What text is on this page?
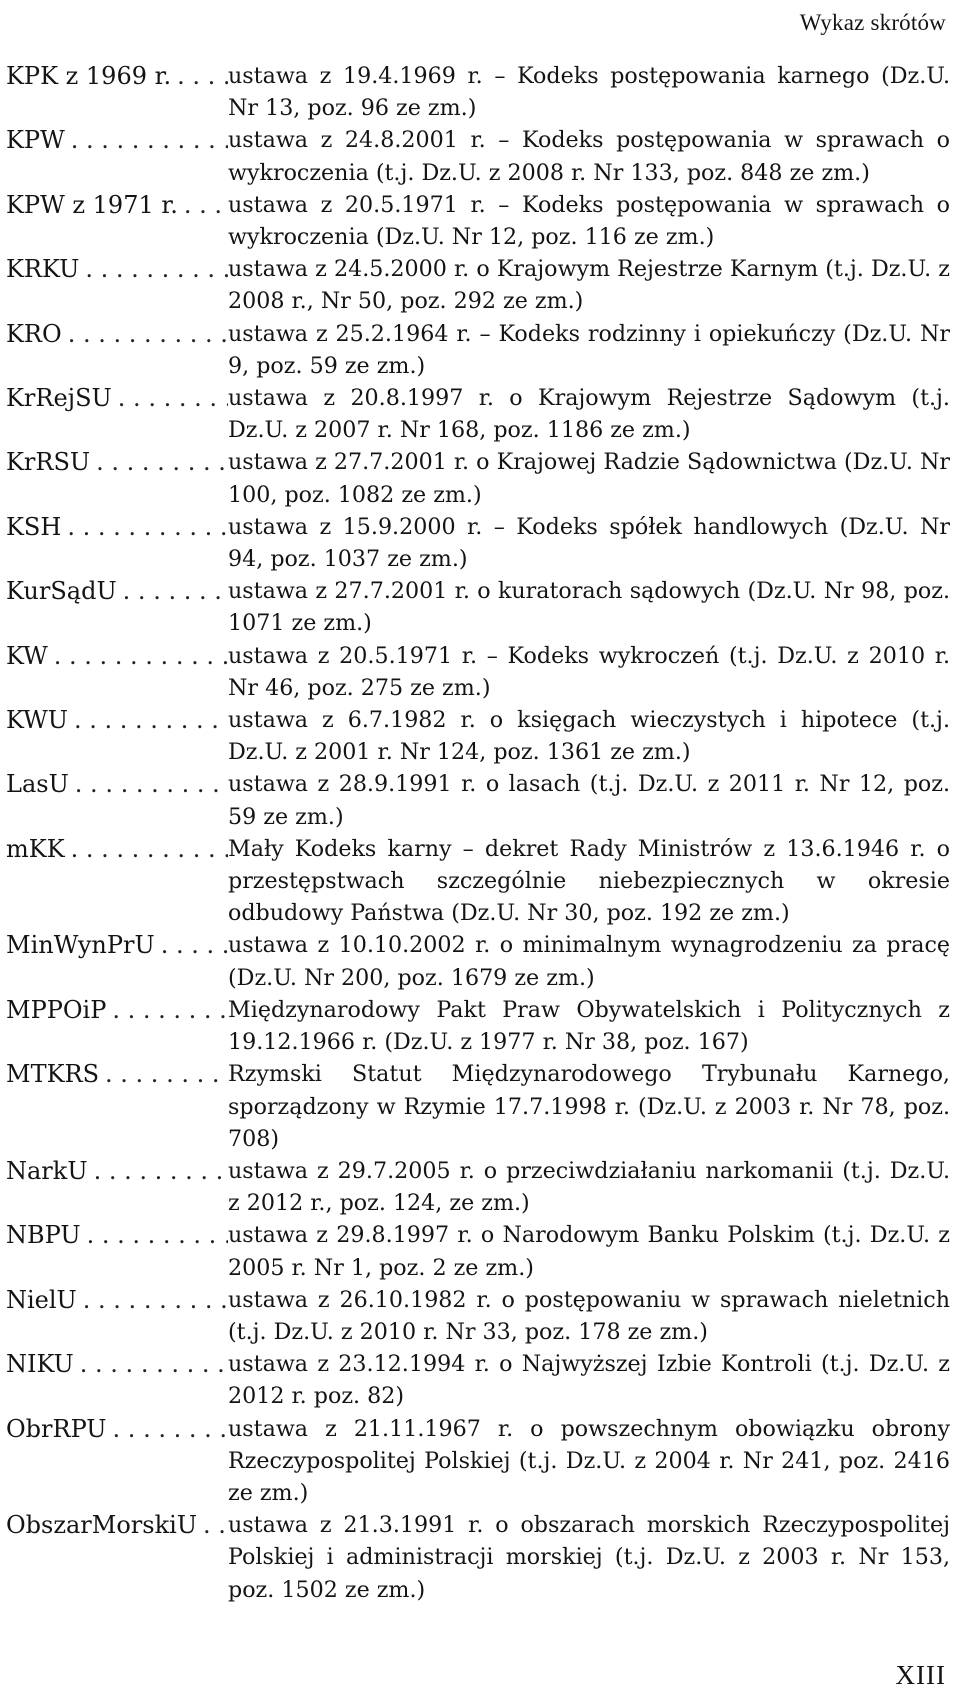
Wykaz skrótów
KPK z 1969 r. . . .	ustawa z 19.4.1969 r. – Kodeks postępowania karnego (Dz.U. Nr 13, poz. 96 ze zm.)
KPW . . .	ustawa z 24.8.2001 r. – Kodeks postępowania w sprawach o wykroczenia (t.j. Dz.U. z 2008 r. Nr 133, poz. 848 ze zm.)
KPW z 1971 r. . . . ustawa z 20.5.1971 r. – Kodeks postępowania w sprawach o wykroczenia (Dz.U. Nr 12, poz. 116 ze zm.)
KRKU . . .	ustawa z 24.5.2000 r. o Krajowym Rejestrze Karnym (t.j. Dz.U. z 2008 r., Nr 50, poz. 292 ze zm.)
KRO . . .	ustawa z 25.2.1964 r. – Kodeks rodzinny i opiekuńczy (Dz.U. Nr 9, poz. 59 ze zm.)
KrRejSU . . .	ustawa z 20.8.1997 r. o Krajowym Rejestrze Sądowym (t.j. Dz.U. z 2007 r. Nr 168, poz. 1186 ze zm.)
KrRSU . . .	ustawa z 27.7.2001 r. o Krajowej Radzie Sądownictwa (Dz.U. Nr 100, poz. 1082 ze zm.)
KSH . . .	ustawa z 15.9.2000 r. – Kodeks spółek handlowych (Dz.U. Nr 94, poz. 1037 ze zm.)
KurSądU . . .	ustawa z 27.7.2001 r. o kuratorach sądowych (Dz.U. Nr 98, poz. 1071 ze zm.)
KW . . .	ustawa z 20.5.1971 r. – Kodeks wykroczeń (t.j. Dz.U. z 2010 r. Nr 46, poz. 275 ze zm.)
KWU . . .	ustawa z 6.7.1982 r. o księgach wieczystych i hipotece (t.j. Dz.U. z 2001 r. Nr 124, poz. 1361 ze zm.)
LasU . . .	ustawa z 28.9.1991 r. o lasach (t.j. Dz.U. z 2011 r. Nr 12, poz. 59 ze zm.)
mKK . . .	Mały Kodeks karny – dekret Rady Ministrów z 13.6.1946 r. o przestępstwach szczególnie niebezpiecznych w okresie odbudowy Państwa (Dz.U. Nr 30, poz. 192 ze zm.)
MinWynPrU . . .	ustawa z 10.10.2002 r. o minimalnym wynagrodzeniu za pracę (Dz.U. Nr 200, poz. 1679 ze zm.)
MPPOiP . . .	Międzynarodowy Pakt Praw Obywatelskich i Politycznych z 19.12.1966 r. (Dz.U. z 1977 r. Nr 38, poz. 167)
MTKRS . . .	Rzymski Statut Międzynarodowego Trybunału Karnego, sporządzony w Rzymie 17.7.1998 r. (Dz.U. z 2003 r. Nr 78, poz. 708)
NarkU . . .	ustawa z 29.7.2005 r. o przeciwdziałaniu narkomanii (t.j. Dz.U. z 2012 r., poz. 124, ze zm.)
NBPU . . .	ustawa z 29.8.1997 r. o Narodowym Banku Polskim (t.j. Dz.U. z 2005 r. Nr 1, poz. 2 ze zm.)
NielU . . .	ustawa z 26.10.1982 r. o postępowaniu w sprawach nieletnich (t.j. Dz.U. z 2010 r. Nr 33, poz. 178 ze zm.)
NIKU . . .	ustawa z 23.12.1994 r. o Najwyższej Izbie Kontroli (t.j. Dz.U. z 2012 r. poz. 82)
ObrRPU . . .	ustawa z 21.11.1967 r. o powszechnym obowiązku obrony Rzeczypospolitej Polskiej (t.j. Dz.U. z 2004 r. Nr 241, poz. 2416 ze zm.)
ObszarMorskiU . . . ustawa z 21.3.1991 r. o obszarach morskich Rzeczypospolitej Polskiej i administracji morskiej (t.j. Dz.U. z 2003 r. Nr 153, poz. 1502 ze zm.)
XIII
